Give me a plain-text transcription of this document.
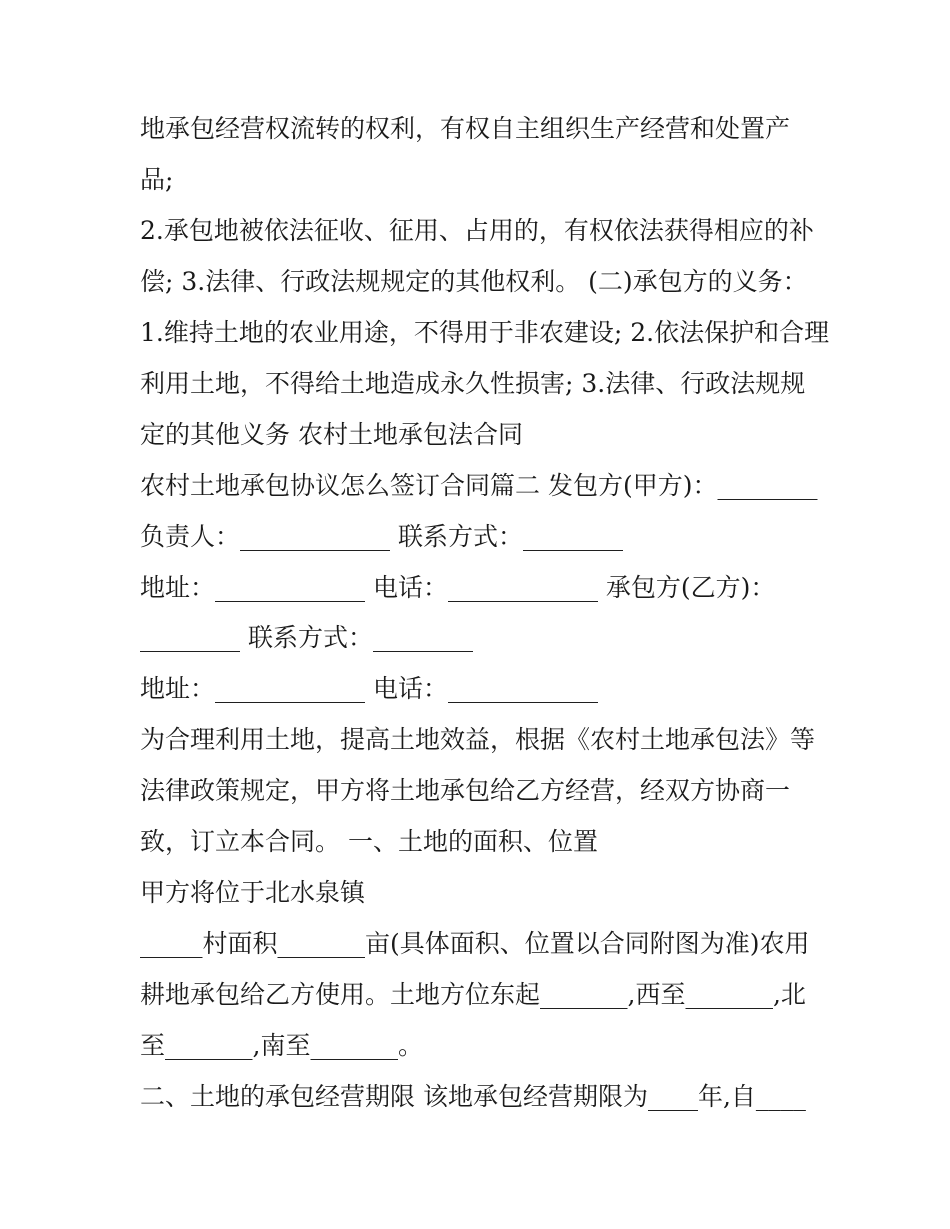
地承包经营权流转的权利，有权自主组织生产经营和处置产
品;
2.承包地被依法征收、征用、占用的，有权依法获得相应的补
偿; 3.法律、行政法规规定的其他权利。 (二)承包方的义务：
1.维持土地的农业用途，不得用于非农建设; 2.依法保护和合理
利用土地，不得给土地造成永久性损害; 3.法律、行政法规规
定的其他义务 农村土地承包法合同
农村土地承包协议怎么签订合同篇二 发包方(甲方)：________
负责人：____________ 联系方式：________
地址：____________ 电话：____________ 承包方(乙方)：
________ 联系方式：________
地址：____________ 电话：____________
为合理利用土地，提高土地效益，根据《农村土地承包法》等
法律政策规定，甲方将土地承包给乙方经营，经双方协商一
致，订立本合同。 一、土地的面积、位置
甲方将位于北水泉镇
_____村面积_______亩(具体面积、位置以合同附图为准)农用
耕地承包给乙方使用。土地方位东起_______,西至_______,北
至_______,南至_______。
二、土地的承包经营期限 该地承包经营期限为____年,自____
